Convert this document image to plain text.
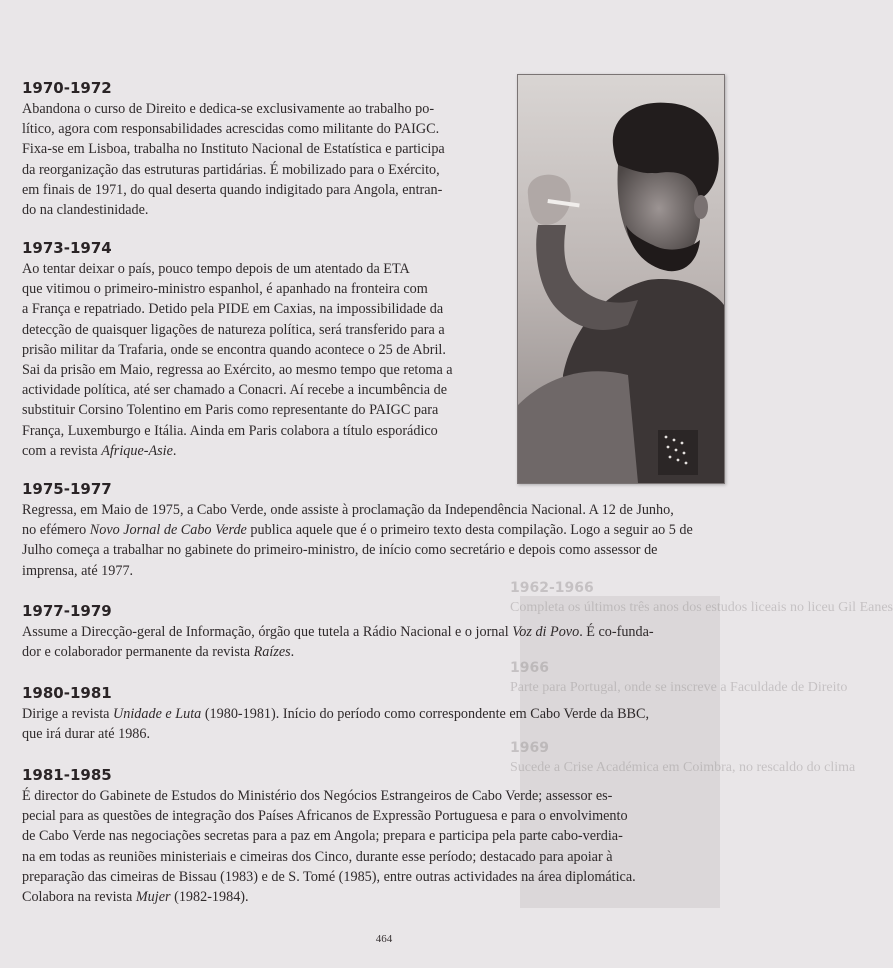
1962-1966
Completa os últimos três anos dos estudos liceais no liceu Gil Eanes
1966
Parte para Portugal, onde se inscreve a Faculdade de Direito
1969
Sucede a Crise Académica em Coimbra, no rescaldo do clima
1970-1972

Abandona o curso de Direito e dedica-se exclusivamente ao trabalho po-
lítico, agora com responsabilidades acrescidas como militante do PAIGC.
Fixa-se em Lisboa, trabalha no Instituto Nacional de Estatística e participa
da reorganização das estruturas partidárias. É mobilizado para o Exército,
em finais de 1971, do qual deserta quando indigitado para Angola, entran-
do na clandestinidade.

1973-1974

Ao tentar deixar o país, pouco tempo depois de um atentado da ETA
que vitimou o primeiro-ministro espanhol, é apanhado na fronteira com
a França e repatriado. Detido pela PIDE em Caxias, na impossibilidade da
detecção de quaisquer ligações de natureza política, será transferido para a
prisão militar da Trafaria, onde se encontra quando acontece o 25 de Abril.
Sai da prisão em Maio, regressa ao Exército, ao mesmo tempo que retoma a
actividade política, até ser chamado a Conacri. Aí recebe a incumbência de
substituir Corsino Tolentino em Paris como representante do PAIGC para
França, Luxemburgo e Itália. Ainda em Paris colabora a título esporádico
com a revista Afrique-Asie.

1975-1977

Regressa, em Maio de 1975, a Cabo Verde, onde assiste à proclamação da Independência Nacional. A 12 de Junho,
no efémero Novo Jornal de Cabo Verde publica aquele que é o primeiro texto desta compilação. Logo a seguir ao 5 de
Julho começa a trabalhar no gabinete do primeiro-ministro, de início como secretário e depois como assessor de
imprensa, até 1977.

1977-1979

Assume a Direcção-geral de Informação, órgão que tutela a Rádio Nacional e o jornal Voz di Povo. É co-funda-
dor e colaborador permanente da revista Raízes.

1980-1981

Dirige a revista Unidade e Luta (1980-1981). Início do período como correspondente em Cabo Verde da BBC,
que irá durar até 1986.

1981-1985

É director do Gabinete de Estudos do Ministério dos Negócios Estrangeiros de Cabo Verde; assessor es-
pecial para as questões de integração dos Países Africanos de Expressão Portuguesa e para o envolvimento
de Cabo Verde nas negociações secretas para a paz em Angola; prepara e participa pela parte cabo-verdia-
na em todas as reuniões ministeriais e cimeiras dos Cinco, durante esse período; destacado para apoiar à
preparação das cimeiras de Bissau (1983) e de S. Tomé (1985), entre outras actividades na área diplomática.
Colabora na revista Mujer (1982-1984).

464
